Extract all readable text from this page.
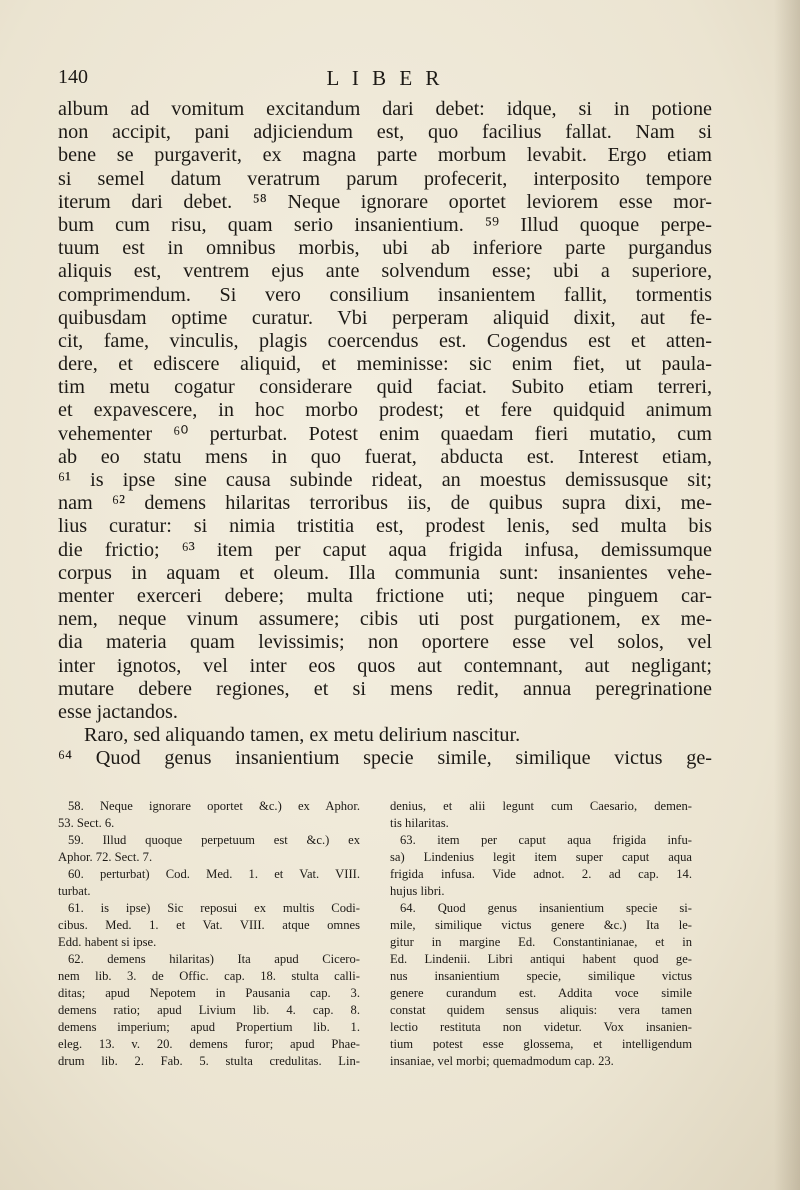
140	L I B E R
album ad vomitum excitandum dari debet: idque, si in potione
non accipit, pani adjiciendum est, quo facilius fallat. Nam si
bene se purgaverit, ex magna parte morbum levabit. Ergo etiam
si semel datum veratrum parum profecerit, interposito tempore
iterum dari debet. ⁵⁸ Neque ignorare oportet leviorem esse mor-
bum cum risu, quam serio insanientium. ⁵⁹ Illud quoque perpe-
tuum est in omnibus morbis, ubi ab inferiore parte purgandus
aliquis est, ventrem ejus ante solvendum esse; ubi a superiore,
comprimendum. Si vero consilium insanientem fallit, tormentis
quibusdam optime curatur. Vbi perperam aliquid dixit, aut fe-
cit, fame, vinculis, plagis coercendus est. Cogendus est et atten-
dere, et ediscere aliquid, et meminisse: sic enim fiet, ut paula-
tim metu cogatur considerare quid faciat. Subito etiam terreri,
et expavescere, in hoc morbo prodest; et fere quidquid animum
vehementer ⁶⁰ perturbat. Potest enim quaedam fieri mutatio, cum
ab eo statu mens in quo fuerat, abducta est. Interest etiam,
⁶¹ is ipse sine causa subinde rideat, an moestus demissusque sit;
nam ⁶² demens hilaritas terroribus iis, de quibus supra dixi, me-
lius curatur: si nimia tristitia est, prodest lenis, sed multa bis
die frictio; ⁶³ item per caput aqua frigida infusa, demissumque
corpus in aquam et oleum. Illa communia sunt: insanientes vehe-
menter exerceri debere; multa frictione uti; neque pinguem car-
nem, neque vinum assumere; cibis uti post purgationem, ex me-
dia materia quam levissimis; non oportere esse vel solos, vel
inter ignotos, vel inter eos quos aut contemnant, aut negligant;
mutare debere regiones, et si mens redit, annua peregrinatione
esse jactandos.
Raro, sed aliquando tamen, ex metu delirium nascitur.
⁶⁴ Quod genus insanientium specie simile, similique victus ge-
58. Neque ignorare oportet &c.) ex Aphor.
53. Sect. 6.
59. Illud quoque perpetuum est &c.) ex
Aphor. 72. Sect. 7.
60. perturbat) Cod. Med. 1. et Vat. VIII.
turbat.
61. is ipse) Sic reposui ex multis Codi-
cibus. Med. 1. et Vat. VIII. atque omnes
Edd. habent si ipse.
62. demens hilaritas) Ita apud Cicero-
nem lib. 3. de Offic. cap. 18. stulta calli-
ditas; apud Nepotem in Pausania cap. 3.
demens ratio; apud Livium lib. 4. cap. 8.
demens imperium; apud Propertium lib. 1.
eleg. 13. v. 20. demens furor; apud Phae-
drum lib. 2. Fab. 5. stulta credulitas. Lin-
denius, et alii legunt cum Caesario, demen-
tis hilaritas.
63. item per caput aqua frigida infu-
sa) Lindenius legit item super caput aqua
frigida infusa. Vide adnot. 2. ad cap. 14.
hujus libri.
64. Quod genus insanientium specie si-
mile, similique victus genere &c.) Ita le-
gitur in margine Ed. Constantinianae, et in
Ed. Lindenii. Libri antiqui habent quod ge-
nus insanientium specie, similique victus
genere curandum est. Addita voce simile
constat quidem sensus aliquis: vera tamen
lectio restituta non videtur. Vox insanien-
tium potest esse glossema, et intelligendum
insaniae, vel morbi; quemadmodum cap. 23.
